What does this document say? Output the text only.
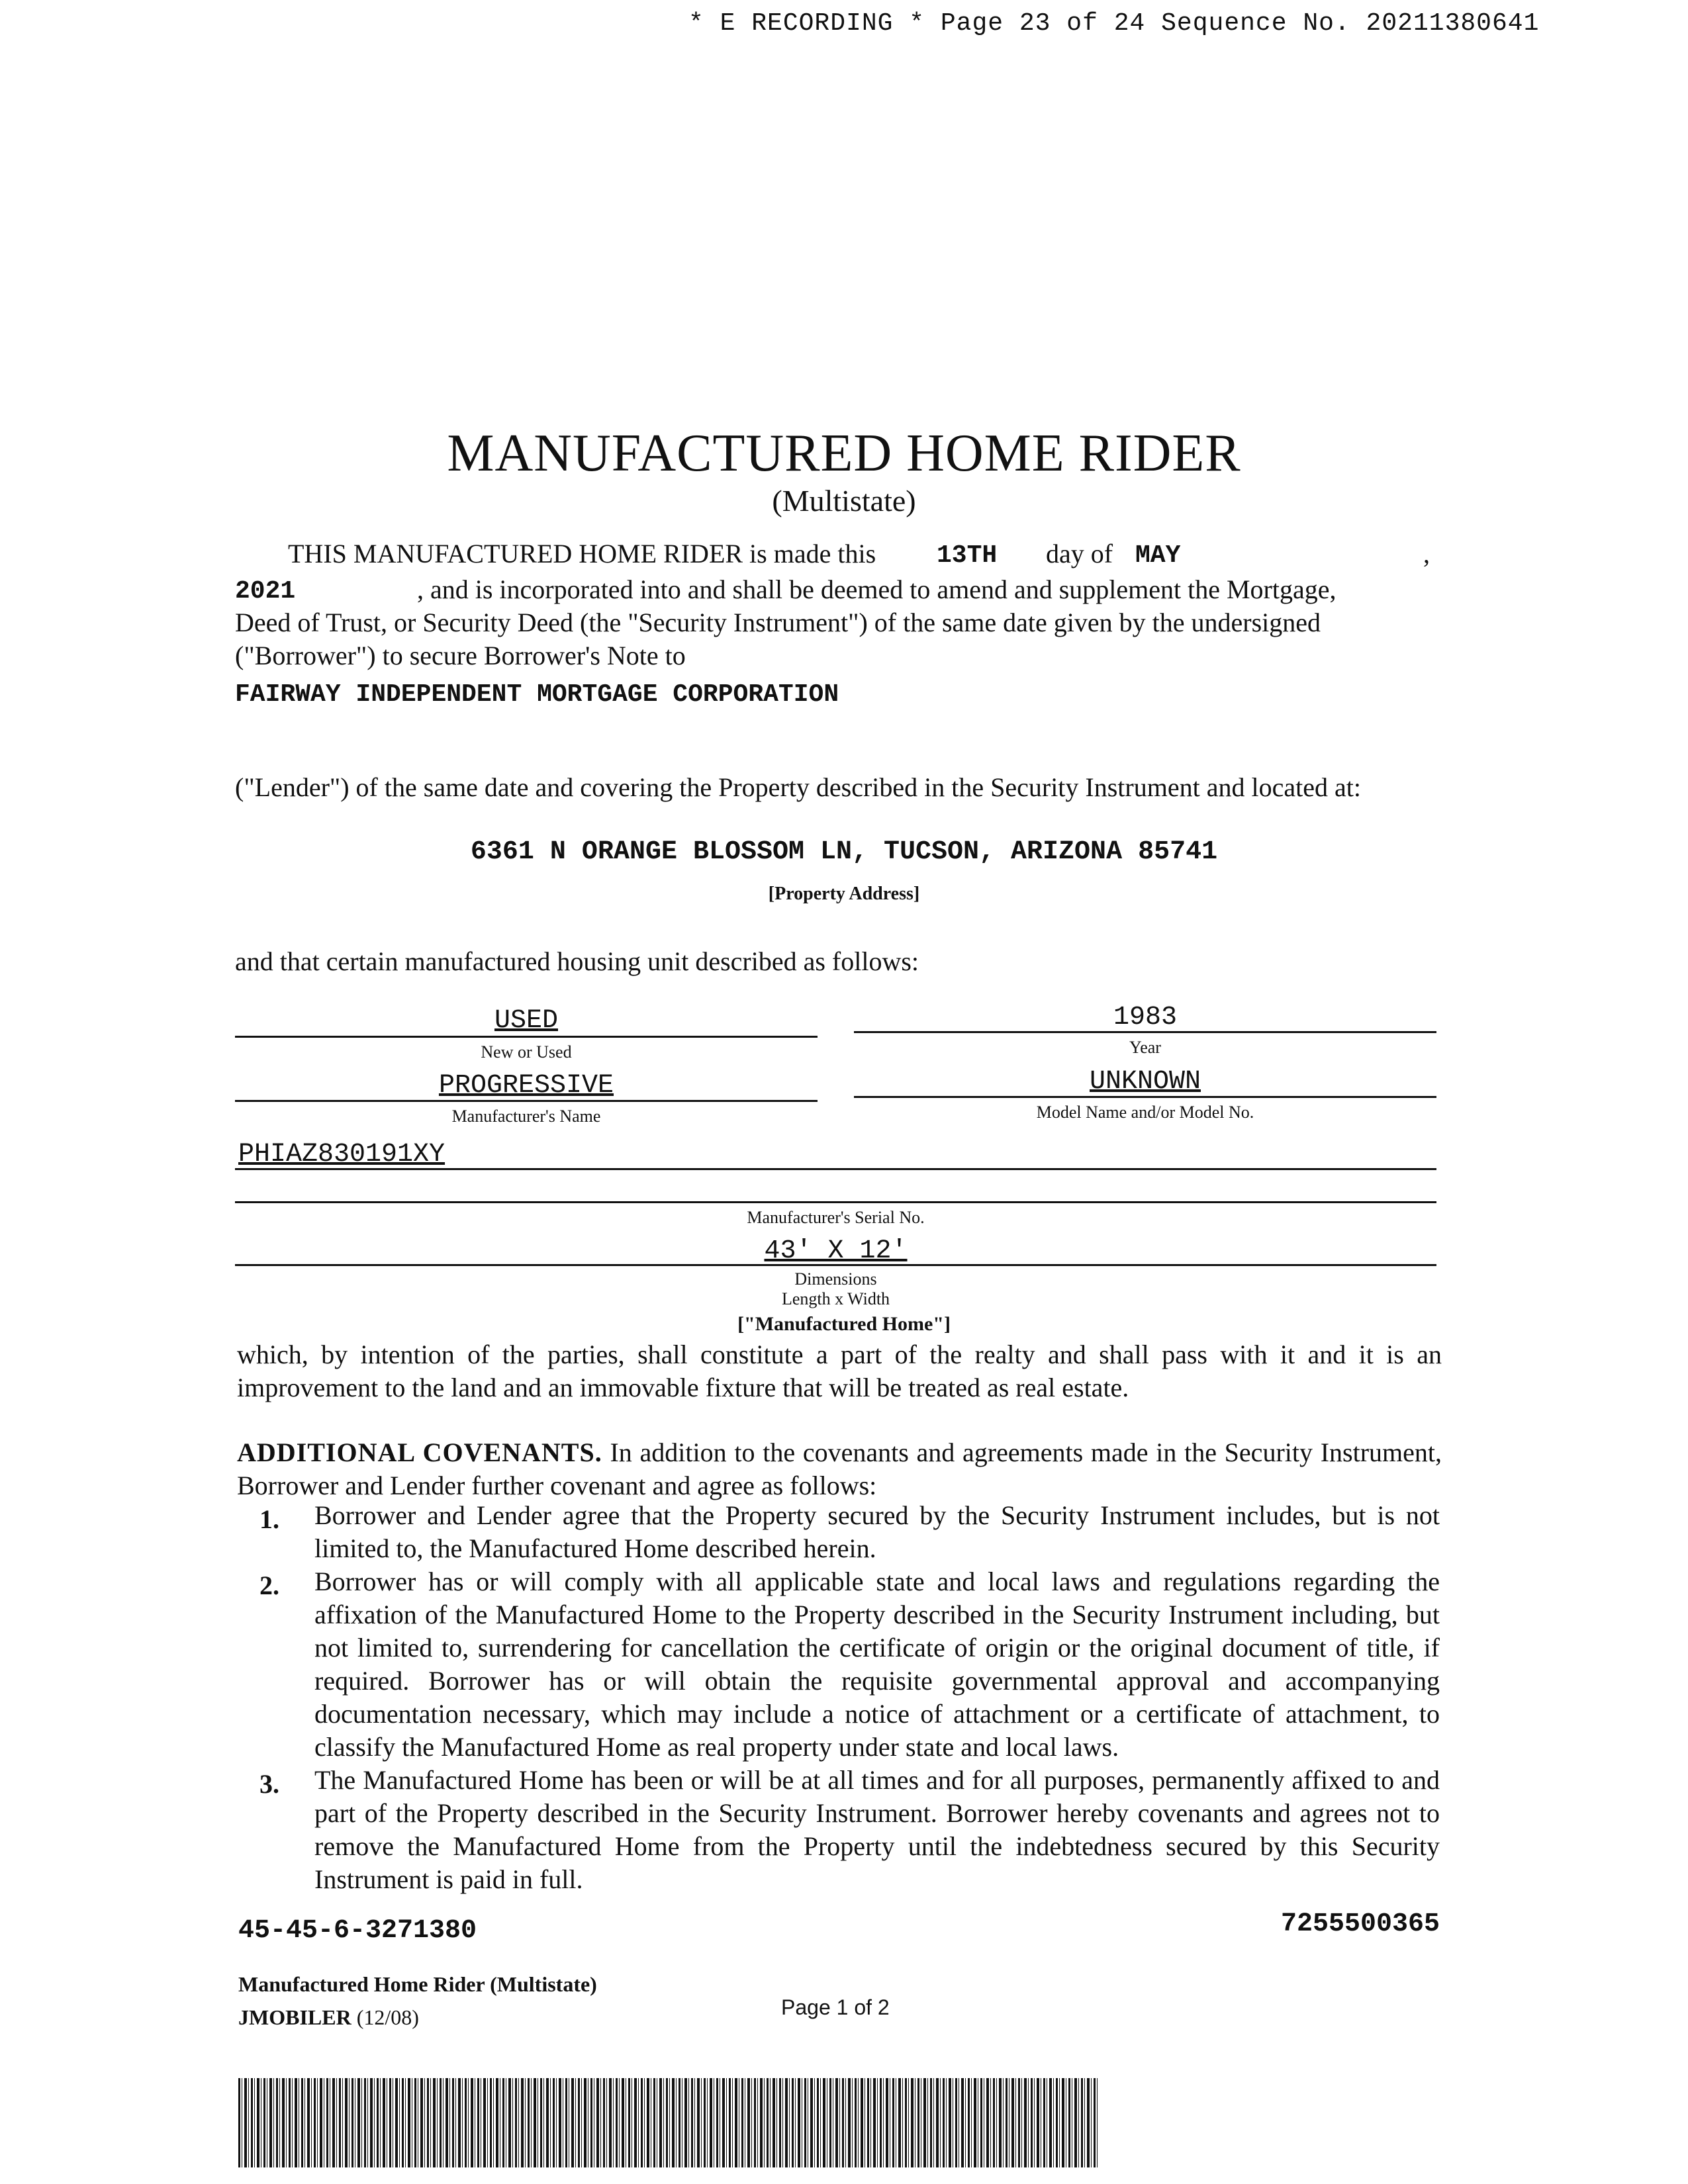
* E RECORDING * Page 23 of 24 Sequence No. 20211380641
MANUFACTURED HOME RIDER
(Multistate)
THIS MANUFACTURED HOME RIDER is made this 13TH day of MAY	,
2021	, and is incorporated into and shall be deemed to amend and supplement the Mortgage,
Deed of Trust, or Security Deed (the "Security Instrument") of the same date given by the undersigned
("Borrower") to secure Borrower's Note to
FAIRWAY INDEPENDENT MORTGAGE CORPORATION
("Lender") of the same date and covering the Property described in the Security Instrument and located at:
6361 N ORANGE BLOSSOM LN, TUCSON, ARIZONA 85741
[Property Address]
and that certain manufactured housing unit described as follows:
USED
New or Used
1983
Year
PROGRESSIVE
Manufacturer's Name
UNKNOWN
Model Name and/or Model No.
PHIAZ830191XY
Manufacturer's Serial No.
43' X 12'
Dimensions
Length x Width
["Manufactured Home"]
which, by intention of the parties, shall constitute a part of the realty and shall pass with it and it is an improvement to the land and an immovable fixture that will be treated as real estate.
ADDITIONAL COVENANTS. In addition to the covenants and agreements made in the Security Instrument, Borrower and Lender further covenant and agree as follows:
1. Borrower and Lender agree that the Property secured by the Security Instrument includes, but is not limited to, the Manufactured Home described herein.
2. Borrower has or will comply with all applicable state and local laws and regulations regarding the affixation of the Manufactured Home to the Property described in the Security Instrument including, but not limited to, surrendering for cancellation the certificate of origin or the original document of title, if required. Borrower has or will obtain the requisite governmental approval and accompanying documentation necessary, which may include a notice of attachment or a certificate of attachment, to classify the Manufactured Home as real property under state and local laws.
3. The Manufactured Home has been or will be at all times and for all purposes, permanently affixed to and part of the Property described in the Security Instrument. Borrower hereby covenants and agrees not to remove the Manufactured Home from the Property until the indebtedness secured by this Security Instrument is paid in full.
45-45-6-3271380	7255500365
Manufactured Home Rider (Multistate)
JMOBILER (12/08)	Page 1 of 2
